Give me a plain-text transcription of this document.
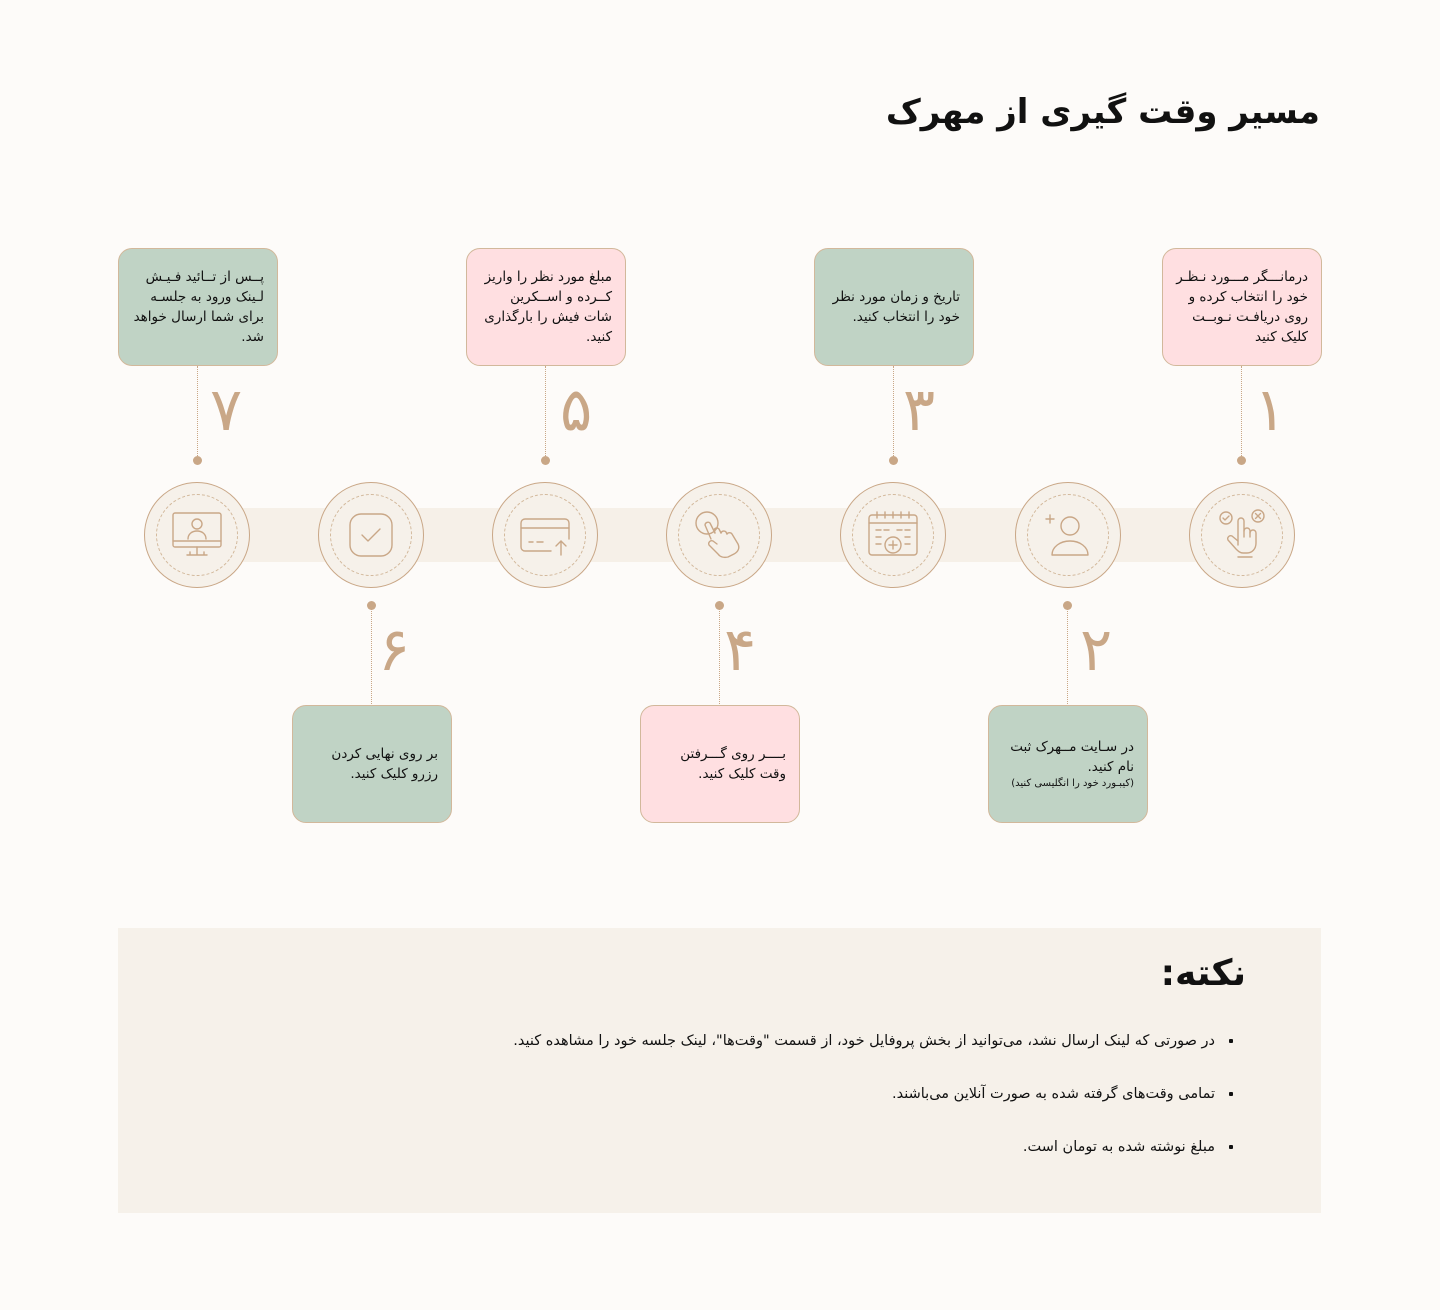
مسیر وقت گیری از مهرک
درمانـــگر مـــورد نـظـر خود را انتخاب کرده و روی دریافـت نـوبــت کلیک کنید
۱
تاریخ و زمان مورد نظر خود را انتخاب کنید.
۳
مبلغ مورد نظر را واریز کــرده و اســکرین شات فیش را بارگذاری کنید.
۵
پــس از تــائید فـیـش لـینک ورود به جلسـه برای شما ارسال خواهد شد.
۷
۲
در سـایت مــهرک ثبت نام کنید.
(کیبـورد خود را انگلیسی کنید)
۴
بــــر روی گـــرفتن وقت کلیک کنید.
۶
بر روی نهایی کردن رزرو کلیک کنید.
نکته:
در صورتی که لینک ارسال نشد، می‌توانید از بخش پروفایل خود، از قسمت "وقت‌ها"، لینک جلسه خود را مشاهده کنید.
تمامی وقت‌های گرفته شده به صورت آنلاین می‌باشند.
مبلغ نوشته شده به تومان است.
